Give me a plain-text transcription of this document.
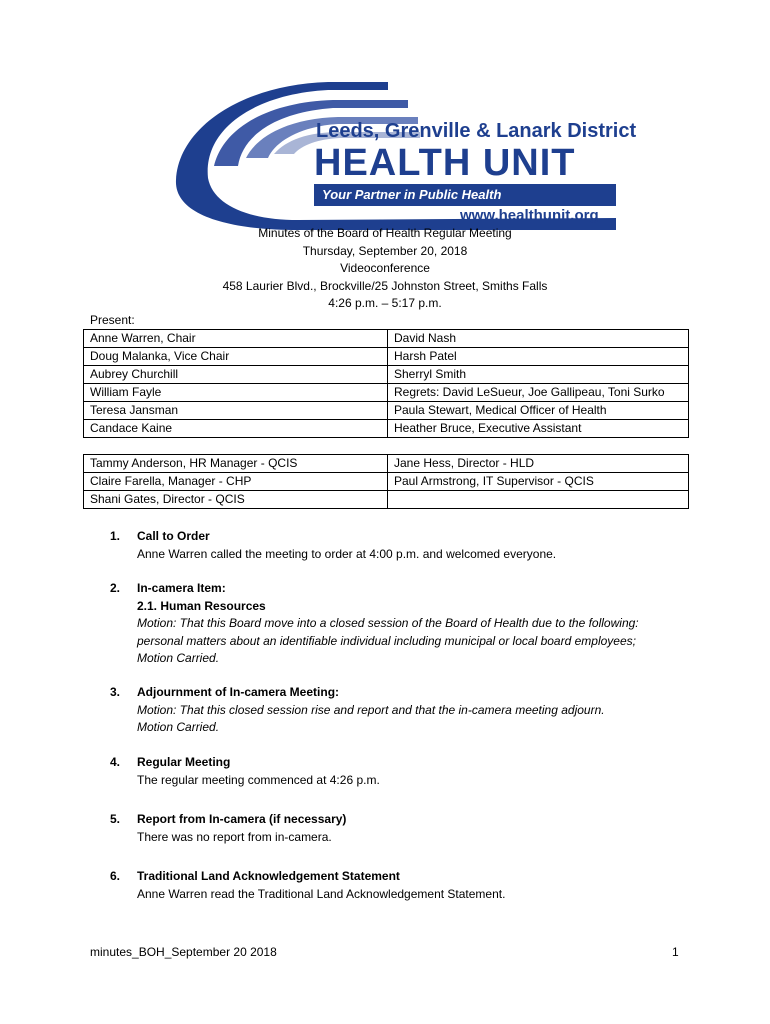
Leeds, Grenville & Lanark District
HEALTH UNIT
Your Partner in Public Health
www.healthunit.org
Minutes of the Board of Health Regular Meeting
Thursday, September 20, 2018
Videoconference
458 Laurier Blvd., Brockville/25 Johnston Street, Smiths Falls
4:26 p.m. – 5:17 p.m.
Present:
Anne Warren, Chair	David Nash
Doug Malanka, Vice Chair	Harsh Patel
Aubrey Churchill	Sherryl Smith
William Fayle	Regrets: David LeSueur, Joe Gallipeau, Toni Surko
Teresa Jansman	Paula Stewart, Medical Officer of Health
Candace Kaine	Heather Bruce, Executive Assistant
Tammy Anderson, HR Manager - QCIS	Jane Hess, Director - HLD
Claire Farella, Manager - CHP	Paul Armstrong, IT Supervisor - QCIS
Shani Gates, Director - QCIS	
1. Call to Order
Anne Warren called the meeting to order at 4:00 p.m. and welcomed everyone.
2. In-camera Item:
2.1. Human Resources
Motion: That this Board move into a closed session of the Board of Health due to the following:
personal matters about an identifiable individual including municipal or local board employees;
Motion Carried.
3. Adjournment of In-camera Meeting:
Motion: That this closed session rise and report and that the in-camera meeting adjourn.
Motion Carried.
4. Regular Meeting
The regular meeting commenced at 4:26 p.m.
5. Report from In-camera (if necessary)
There was no report from in-camera.
6. Traditional Land Acknowledgement Statement
Anne Warren read the Traditional Land Acknowledgement Statement.
minutes_BOH_September 20 2018	1
